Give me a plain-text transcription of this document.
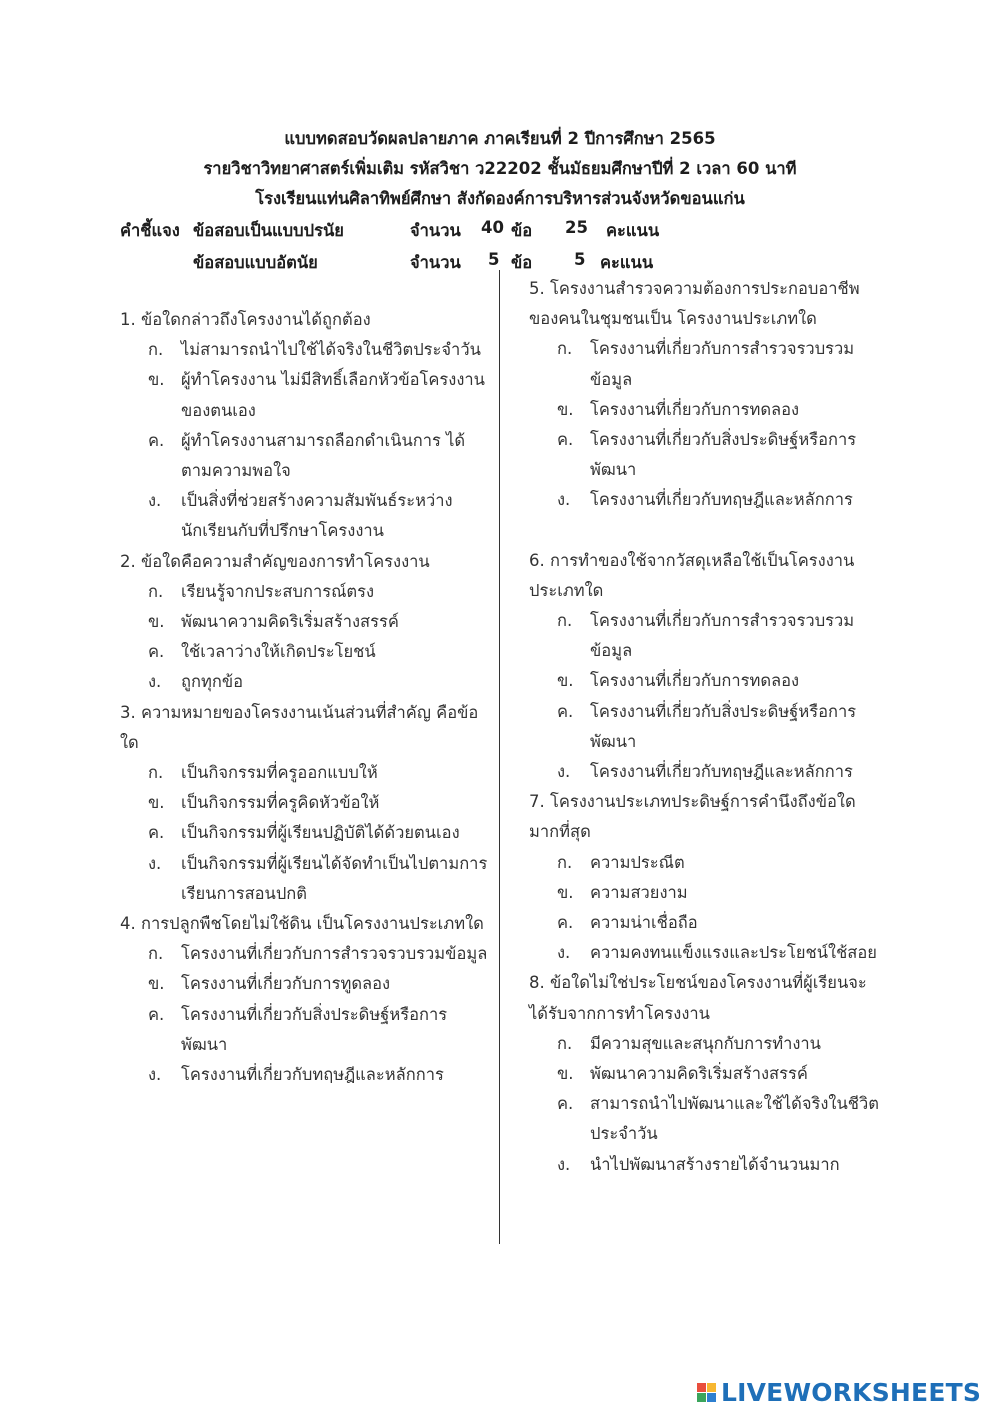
แบบทดสอบวัดผลปลายภาค ภาคเรียนที่ 2 ปีการศึกษา 2565
รายวิชาวิทยาศาสตร์เพิ่มเติม รหัสวิชา ว22202 ชั้นมัธยมศึกษาปีที่ 2 เวลา 60 นาที
โรงเรียนแท่นศิลาทิพย์ศึกษา สังกัดองค์การบริหารส่วนจังหวัดขอนแก่น
คำชี้แจง ข้อสอบเป็นแบบปรนัย	จำนวน 40 ข้อ 25 คะแนน
ข้อสอบแบบอัตนัย	จำนวน 5 ข้อ	5 คะแนน
1. ข้อใดกล่าวถึงโครงงานได้ถูกต้อง
ก.	ไม่สามารถนำไปใช้ได้จริงในชีวิตประจำวัน
ข. ผู้ทำโครงงาน ไม่มีสิทธิ์เลือกหัวข้อโครงงานของตนเอง
ค.	ผู้ทำโครงงานสามารถลือกดำเนินการ ได้ตามความพอใจ
ง.	เป็นสิ่งที่ช่วยสร้างความสัมพันธ์ระหว่างนักเรียนกับที่ปรึกษาโครงงาน
2. ข้อใดคือความสำคัญของการทำโครงงาน
ก.	เรียนรู้จากประสบการณ์ตรง
ข. พัฒนาความคิดริเริ่มสร้างสรรค์
ค.	ใช้เวลาว่างให้เกิดประโยชน์
ง.	ถูกทุกข้อ
3. ความหมายของโครงงานเน้นส่วนที่สำคัญ คือข้อใด
ก.	เป็นกิจกรรมที่ครูออกแบบให้
ข. เป็นกิจกรรมที่ครูคิดหัวข้อให้
ค.	เป็นกิจกรรมที่ผู้เรียนปฏิบัติได้ด้วยตนเอง
ง.	เป็นกิจกรรมที่ผู้เรียนได้จัดทำเป็นไปตามการเรียนการสอนปกติ
4. การปลูกพืชโดยไม่ใช้ดิน เป็นโครงงานประเภทใด
ก.	โครงงานที่เกี่ยวกับการสำรวจรวบรวมข้อมูล
ข. โครงงานที่เกี่ยวกับการทูดลอง
ค.	โครงงานที่เกี่ยวกับสิ่งประดิษฐ์หรือการพัฒนา
ง.	โครงงานที่เกี่ยวกับทฤษฎีและหลักการ
5. โครงงานสำรวจความต้องการประกอบอาชีพของคนในชุมชนเป็น โครงงานประเภทใด
ก.	โครงงานที่เกี่ยวกับการสำรวจรวบรวมข้อมูล
ข. โครงงานที่เกี่ยวกับการทดลอง
ค.	โครงงานที่เกี่ยวกับสิ่งประดิษฐ์หรือการพัฒนา
ง.	โครงงานที่เกี่ยวกับทฤษฎีและหลักการ
6. การทำของใช้จากวัสดุเหลือใช้เป็นโครงงานประเภทใด
ก.	โครงงานที่เกี่ยวกับการสำรวจรวบรวมข้อมูล
ข. โครงงานที่เกี่ยวกับการทดลอง
ค.	โครงงานที่เกี่ยวกับสิ่งประดิษฐ์หรือการพัฒนา
ง.	โครงงานที่เกี่ยวกับทฤษฎีและหลักการ
7. โครงงานประเภทประดิษฐ์การคำนึงถึงข้อใดมากที่สุด
ก.	ความประณีต
ข. ความสวยงาม
ค.	ความน่าเชื่อถือ
ง.	ความคงทนแข็งแรงและประโยชน์ใช้สอย
8. ข้อใดไม่ใช่ประโยชน์ของโครงงานที่ผู้เรียนจะได้รับจากการทำโครงงาน
ก.	มีความสุขและสนุกกับการทำงาน
ข. พัฒนาความคิดริเริ่มสร้างสรรค์
ค.	สามารถนำไปพัฒนาและใช้ได้จริงในชีวิตประจำวัน
ง.	นำไปพัฒนาสร้างรายได้จำนวนมาก
LIVEWORKSHEETS
